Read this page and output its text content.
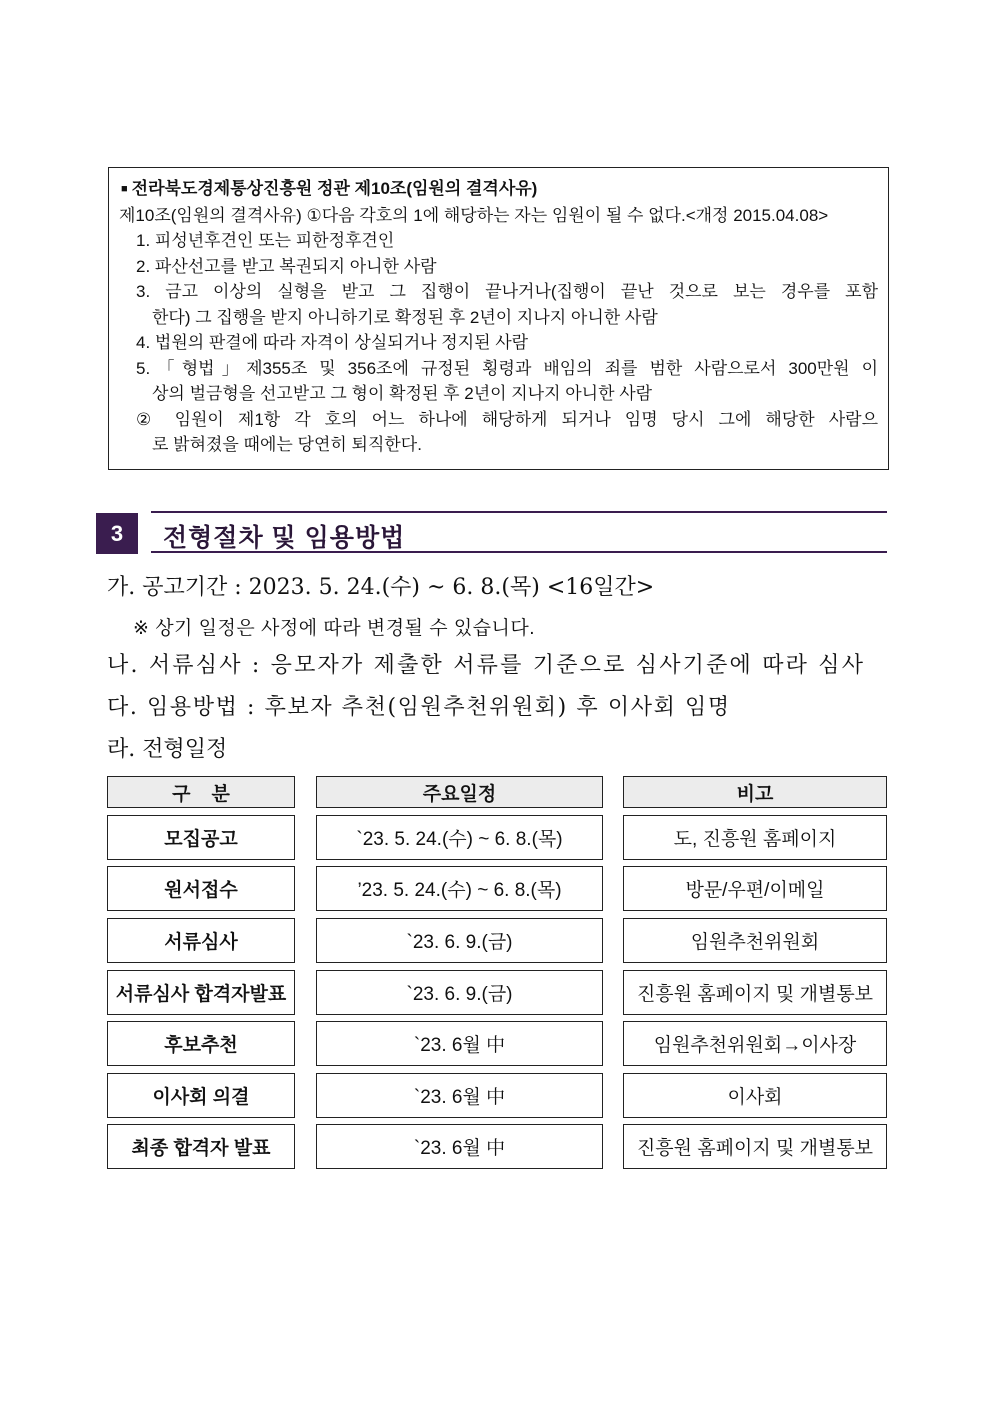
■ 전라북도경제통상진흥원 정관 제10조(임원의 결격사유)
제10조(임원의 결격사유) ①다음 각호의 1에 해당하는 자는 임원이 될 수 없다.<개정 2015.04.08>
1. 피성년후견인 또는 피한정후견인
2. 파산선고를 받고 복권되지 아니한 사람
3. 금고 이상의 실형을 받고 그 집행이 끝나거나(집행이 끝난 것으로 보는 경우를 포함
한다) 그 집행을 받지 아니하기로 확정된 후 2년이 지나지 아니한 사람
4. 법원의 판결에 따라 자격이 상실되거나 정지된 사람
5.「형법」제355조 및 356조에 규정된 횡령과 배임의 죄를 범한 사람으로서 300만원 이
상의 벌금형을 선고받고 그 형이 확정된 후 2년이 지나지 아니한 사람
② 임원이 제1항 각 호의 어느 하나에 해당하게 되거나 임명 당시 그에 해당한 사람으
로 밝혀졌을 때에는 당연히 퇴직한다.
3	전형절차 및 임용방법
가. 공고기간 : 2023. 5. 24.(수) ~ 6. 8.(목) <16일간>
※ 상기 일정은 사정에 따라 변경될 수 있습니다.
나. 서류심사 : 응모자가 제출한 서류를 기준으로 심사기준에 따라 심사
다. 임용방법 : 후보자 추천(임원추천위원회) 후 이사회 임명
라. 전형일정
구    분	주요일정	비고
모집공고	`23. 5. 24.(수) ~ 6. 8.(목)	도, 진흥원 홈페이지
원서접수	’23. 5. 24.(수) ~ 6. 8.(목)	방문/우편/이메일
서류심사	`23. 6. 9.(금)	임원추천위원회
서류심사 합격자발표	`23. 6. 9.(금)	진흥원 홈페이지 및 개별통보
후보추천	`23. 6월 中	임원추천위원회→이사장
이사회 의결	`23. 6월 中	이사회
최종 합격자 발표	`23. 6월 中	진흥원 홈페이지 및 개별통보
